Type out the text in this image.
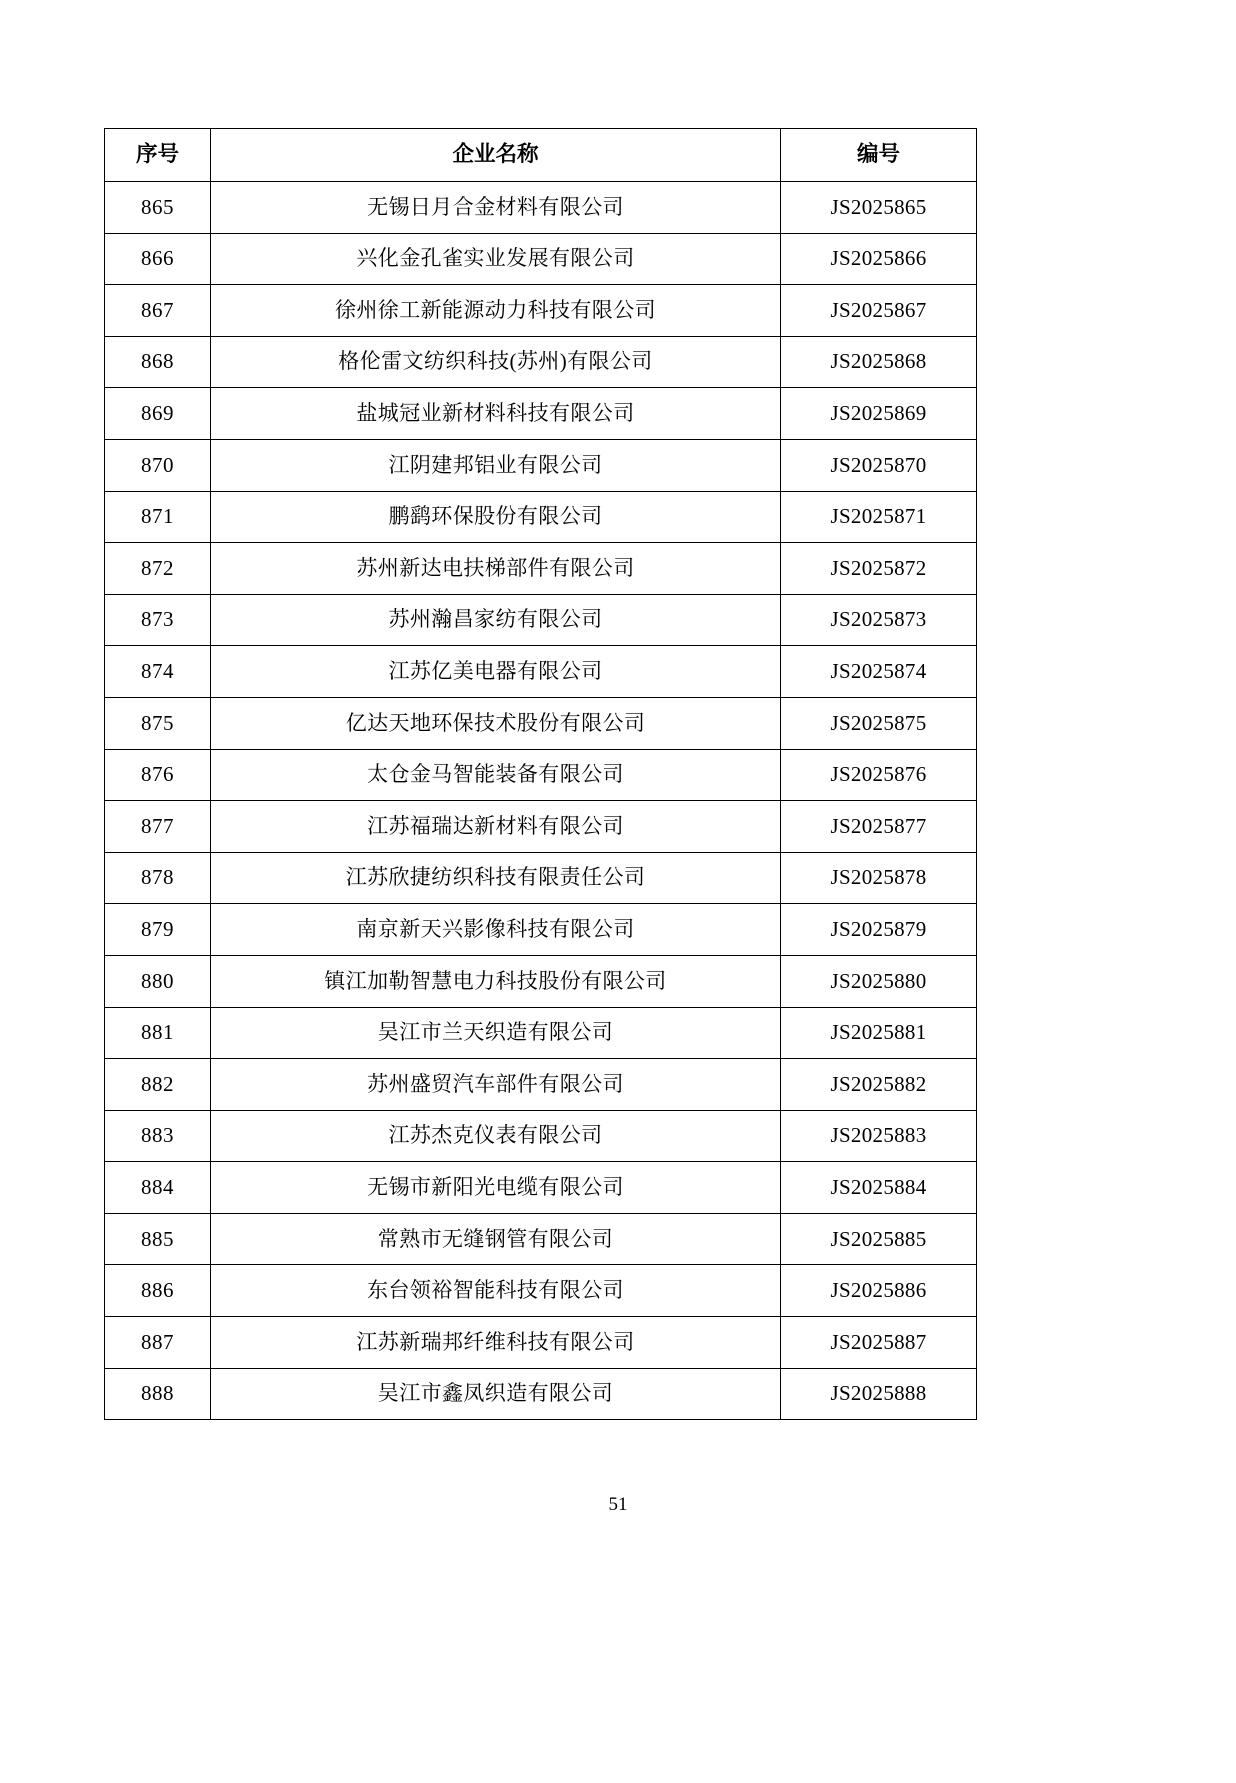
序号	企业名称	编号
865	无锡日月合金材料有限公司	JS2025865
866	兴化金孔雀实业发展有限公司	JS2025866
867	徐州徐工新能源动力科技有限公司	JS2025867
868	格伦雷文纺织科技(苏州)有限公司	JS2025868
869	盐城冠业新材料科技有限公司	JS2025869
870	江阴建邦铝业有限公司	JS2025870
871	鹏鹞环保股份有限公司	JS2025871
872	苏州新达电扶梯部件有限公司	JS2025872
873	苏州瀚昌家纺有限公司	JS2025873
874	江苏亿美电器有限公司	JS2025874
875	亿达天地环保技术股份有限公司	JS2025875
876	太仓金马智能装备有限公司	JS2025876
877	江苏福瑞达新材料有限公司	JS2025877
878	江苏欣捷纺织科技有限责任公司	JS2025878
879	南京新天兴影像科技有限公司	JS2025879
880	镇江加勒智慧电力科技股份有限公司	JS2025880
881	吴江市兰天织造有限公司	JS2025881
882	苏州盛贸汽车部件有限公司	JS2025882
883	江苏杰克仪表有限公司	JS2025883
884	无锡市新阳光电缆有限公司	JS2025884
885	常熟市无缝钢管有限公司	JS2025885
886	东台领裕智能科技有限公司	JS2025886
887	江苏新瑞邦纤维科技有限公司	JS2025887
888	吴江市鑫凤织造有限公司	JS2025888
51
